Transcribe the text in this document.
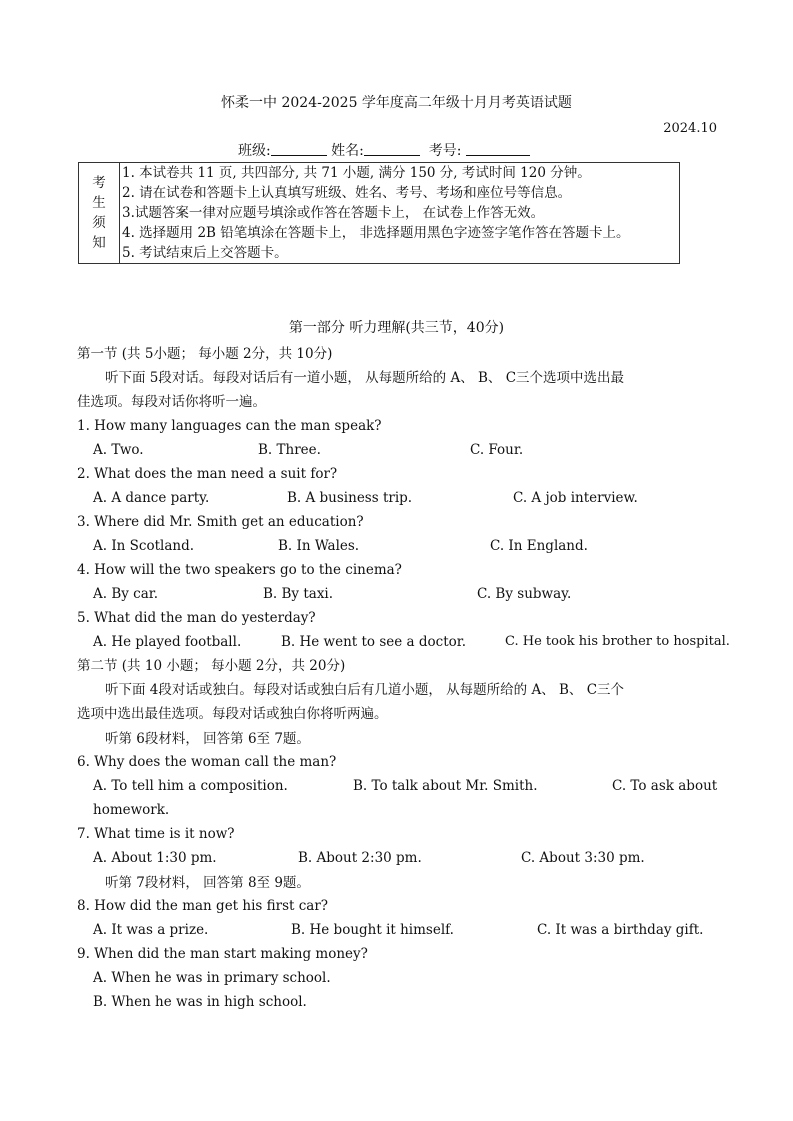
怀柔一中 2024-2025 学年度高二年级十月月考英语试题
2024.10
班级:	姓名:	考号:
考
生
须
知

1. 本试卷共 11 页, 共四部分, 共 71 小题, 满分 150 分, 考试时间 120 分钟。
2. 请在试卷和答题卡上认真填写班级、姓名、考号、考场和座位号等信息。
3.试题答案一律对应题号填涂或作答在答题卡上， 在试卷上作答无效。
4. 选择题用 2B 铅笔填涂在答题卡上， 非选择题用黑色字迹签字笔作答在答题卡上。
5. 考试结束后上交答题卡。
第一部分 听力理解(共三节，40分)
第一节 (共 5小题； 每小题 2分，共 10分)
听下面 5段对话。每段对话后有一道小题， 从每题所给的 A、 B、 C三个选项中选出最
佳选项。每段对话你将听一遍。
1. How many languages can the man speak?
A. Two.	B. Three.	C. Four.
2. What does the man need a suit for?
A. A dance party.	B. A business trip.	C. A job interview.
3. Where did Mr. Smith get an education?
A. In Scotland.	B. In Wales.	C. In England.
4. How will the two speakers go to the cinema?
A. By car.	B. By taxi.	C. By subway.
5. What did the man do yesterday?
A. He played football.	B. He went to see a doctor.	C. He took his brother to hospital.
第二节 (共 10 小题； 每小题 2分，共 20分)
听下面 4段对话或独白。每段对话或独白后有几道小题， 从每题所给的 A、 B、 C三个
选项中选出最佳选项。每段对话或独白你将听两遍。
听第 6段材料， 回答第 6至 7题。
6. Why does the woman call the man?
A. To tell him a composition.	B. To talk about Mr. Smith.	C. To ask about
homework.
7. What time is it now?
A. About 1:30 pm.	B. About 2:30 pm.	C. About 3:30 pm.
听第 7段材料， 回答第 8至 9题。
8. How did the man get his first car?
A. It was a prize.	B. He bought it himself.	C. It was a birthday gift.
9. When did the man start making money?
A. When he was in primary school.
B. When he was in high school.
